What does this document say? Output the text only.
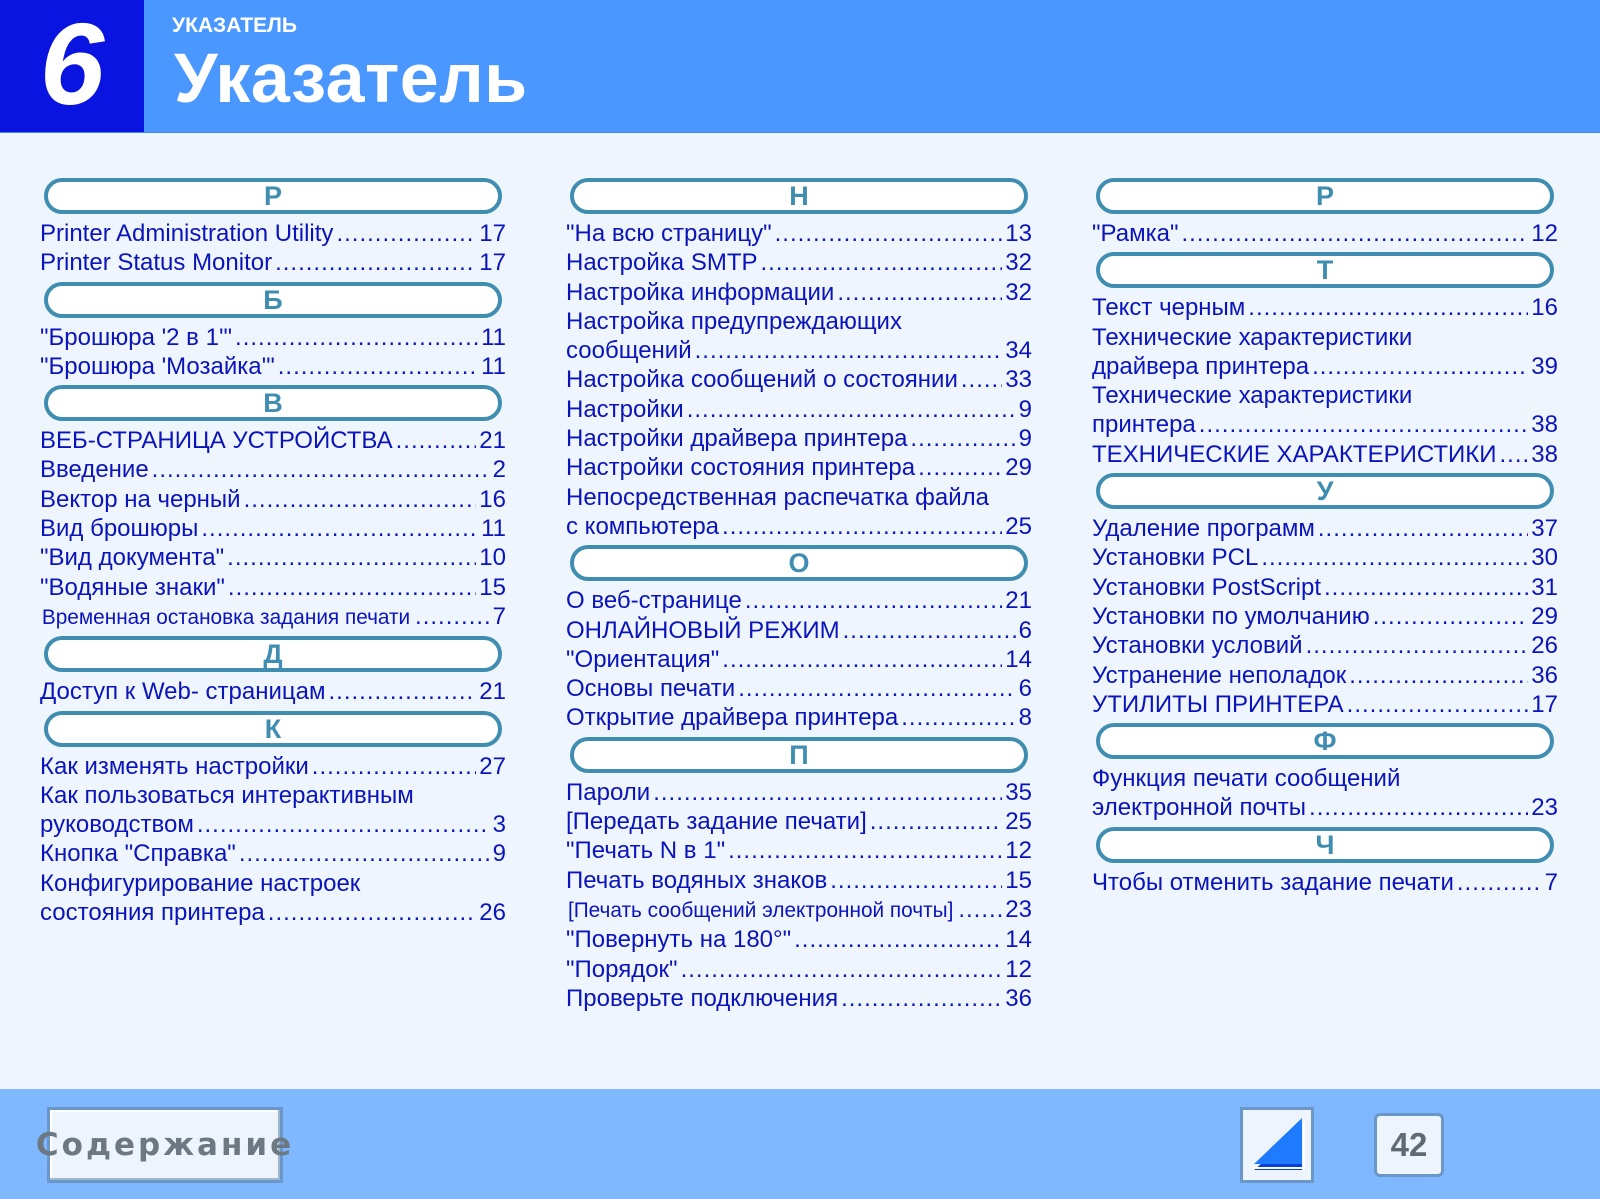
6	УКАЗАТЕЛЬ
Указатель
P
Printer Administration Utility .....	17
Printer Status Monitor .....	17
Б
"Брошюра '2 в 1'" .....	11
"Брошюра 'Мозайка'" .....	11
В
ВЕБ-СТРАНИЦА УСТРОЙСТВА .....	21
Введение .....	2
Вектор на черный .....	16
Вид брошюры .....	11
"Вид документа" .....	10
"Водяные знаки" .....	15
Временная остановка задания печати .....	7
Д
Доступ к Web- страницам .....	21
К
Как изменять настройки .....	27
Как пользоваться интерактивным
руководством .....	3
Кнопка "Справка" .....	9
Конфигурирование настроек
состояния принтера .....	26
Н
"На всю страницу" .....	13
Настройка SMTP .....	32
Настройка информации .....	32
Настройка предупреждающих
сообщений .....	34
Настройка сообщений о состоянии ..... 33
Настройки .....	9
Настройки драйвера принтера .....	9
Настройки состояния принтера .....	29
Непосредственная распечатка файла
с компьютера .....	25
О
О веб-странице .....	21
ОНЛАЙНОВЫЙ РЕЖИМ .....	6
"Ориентация" .....	14
Основы печати .....	6
Открытие драйвера принтера .....	8
П
Пароли .....	35
[Передать задание печати] .....	25
"Печать N в 1" .....	12
Печать водяных знаков .....	15
[Печать сообщений электронной почты] ..... 23
"Повернуть на 180°" .....	14
"Порядок" .....	12
Проверьте подключения .....	36
Р
"Рамка" .....	12
Т
Текст черным .....	16
Технические характеристики
драйвера принтера .....	39
Технические характеристики
принтера .....	38
ТЕХНИЧЕСКИЕ ХАРАКТЕРИСТИКИ ..... 38
У
Удаление программ .....	37
Установки PCL .....	30
Установки PostScript .....	31
Установки по умолчанию .....	29
Установки условий .....	26
Устранение неполадок .....	36
УТИЛИТЫ ПРИНТЕРА .....	17
Ф
Функция печати сообщений
электронной почты .....	23
Ч
Чтобы отменить задание печати .....	7
Содержание	42
